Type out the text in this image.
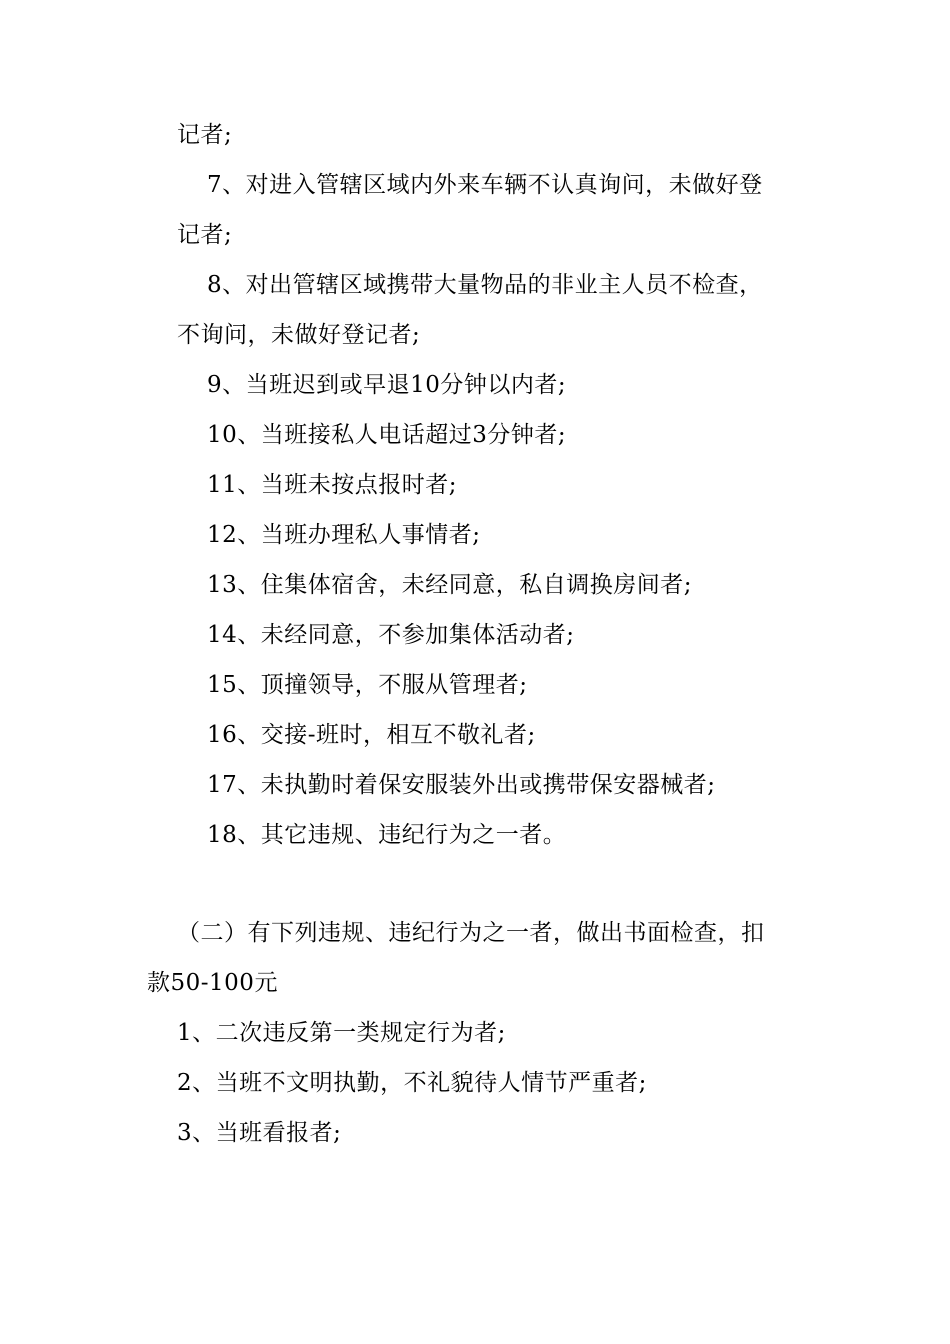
记者;
7、对进入管辖区域内外来车辆不认真询问，未做好登
记者;
8、对出管辖区域携带大量物品的非业主人员不检查，
不询问，未做好登记者;
9、当班迟到或早退10分钟以内者;
10、当班接私人电话超过3分钟者;
11、当班未按点报时者;
12、当班办理私人事情者;
13、住集体宿舍，未经同意，私自调换房间者;
14、未经同意，不参加集体活动者;
15、顶撞领导，不服从管理者;
16、交接-班时，相互不敬礼者;
17、未执勤时着保安服装外出或携带保安器械者;
18、其它违规、违纪行为之一者。
（二）有下列违规、违纪行为之一者，做出书面检查，扣
款50-100元
1、二次违反第一类规定行为者;
2、当班不文明执勤，不礼貌待人情节严重者;
3、当班看报者;
